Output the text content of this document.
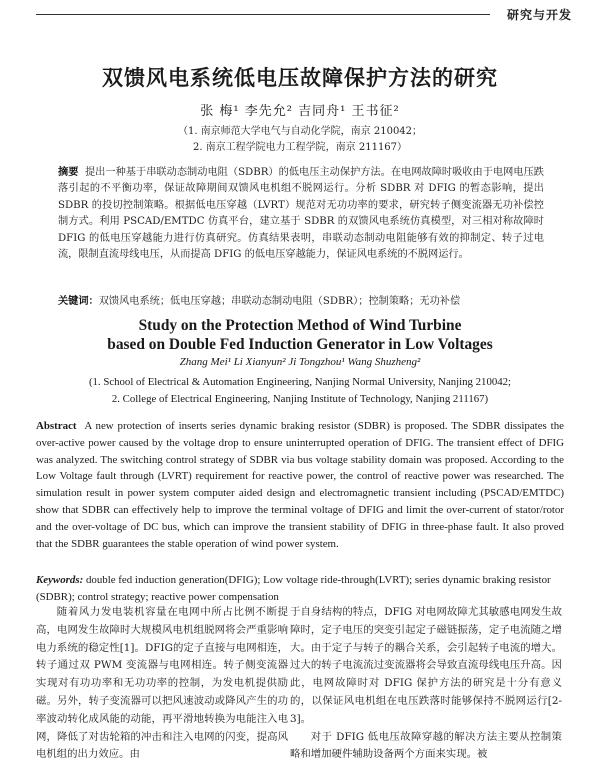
研究与开发
双馈风电系统低电压故障保护方法的研究
张 梅¹ 李先允² 吉同舟¹ 王书征²
（1. 南京师范大学电气与自动化学院，南京 210042；
2. 南京工程学院电力工程学院，南京 211167）
摘要 提出一种基于串联动态制动电阻（SDBR）的低电压主动保护方法。在电网故障时吸收由于电网电压跌落引起的不平衡功率，保证故障期间双馈风电机组不脱网运行。分析 SDBR 对 DFIG 的暂态影响，提出 SDBR 的投切控制策略。根据低电压穿越（LVRT）规范对无功功率的要求，研究转子侧变流器无功补偿控制方式。利用 PSCAD/EMTDC 仿真平台，建立基于 SDBR 的双馈风电系统仿真模型，对三相对称故障时 DFIG 的低电压穿越能力进行仿真研究。仿真结果表明，串联动态制动电阻能够有效的抑制定、转子过电流，限制直流母线电压，从而提高 DFIG 的低电压穿越能力，保证风电系统的不脱网运行。
关键词：双馈风电系统；低电压穿越；串联动态制动电阻（SDBR）；控制策略；无功补偿
Study on the Protection Method of Wind Turbine
based on Double Fed Induction Generator in Low Voltages
Zhang Mei¹ Li Xianyun² Ji Tongzhou¹ Wang Shuzheng²
(1. School of Electrical & Automation Engineering, Nanjing Normal University, Nanjing 210042;
2. College of Electrical Engineering, Nanjing Institute of Technology, Nanjing 211167)
Abstract A new protection of inserts series dynamic braking resistor (SDBR) is proposed. The SDBR dissipates the over-active power caused by the voltage drop to ensure uninterrupted operation of DFIG. The transient effect of DFIG was analyzed. The switching control strategy of SDBR via bus voltage stability domain was proposed. According to the Low Voltage fault through (LVRT) requirement for reactive power, the control of reactive power was researched. The simulation result in power system computer aided design and electromagnetic transient including (PSCAD/EMTDC) show that SDBR can effectively help to improve the terminal voltage of DFIG and limit the over-current of stator/rotor and the over-voltage of DC bus, which can improve the transient stability of DFIG in three-phase fault. It also proved that the SDBR guarantees the stable operation of wind power system.
Keywords: double fed induction generation(DFIG); Low voltage ride-through(LVRT); series dynamic braking resistor (SDBR); control strategy; reactive power compensation
随着风力发电装机容量在电网中所占比例不断提高，电网发生故障时大规模风电机组脱网将会严重影响电力系统的稳定性[1]。DFIG的定子直接与电网相连，转子通过双 PWM 变流器与电网相连。转子侧变流器实现对有功功率和无功功率的控制，为发电机提供励磁。另外，转子变流器可以把风速波动或降风产生的功率波动转化成风能的动能，再平滑地转换为电能注入电网，降低了对齿轮箱的冲击和注入电网的闪变，提高风电机组的出力效应。由
于自身结构的特点，DFIG 对电网故障尤其敏感电网发生故障时，定子电压的突变引起定子磁链振荡，定子电流随之增大。由于定子与转子的耦合关系，会引起转子电流的增大。过大的转子电流流过变流器将会导致直流母线电压升高。因此，电网故障时对 DFIG 保护方法的研究是十分有意义的，以保证风电机组在电压跌落时能够保持不脱网运行[2-3]。
对于 DFIG 低电压故障穿越的解决方法主要从控制策略和增加硬件辅助设备两个方面来实现。被
